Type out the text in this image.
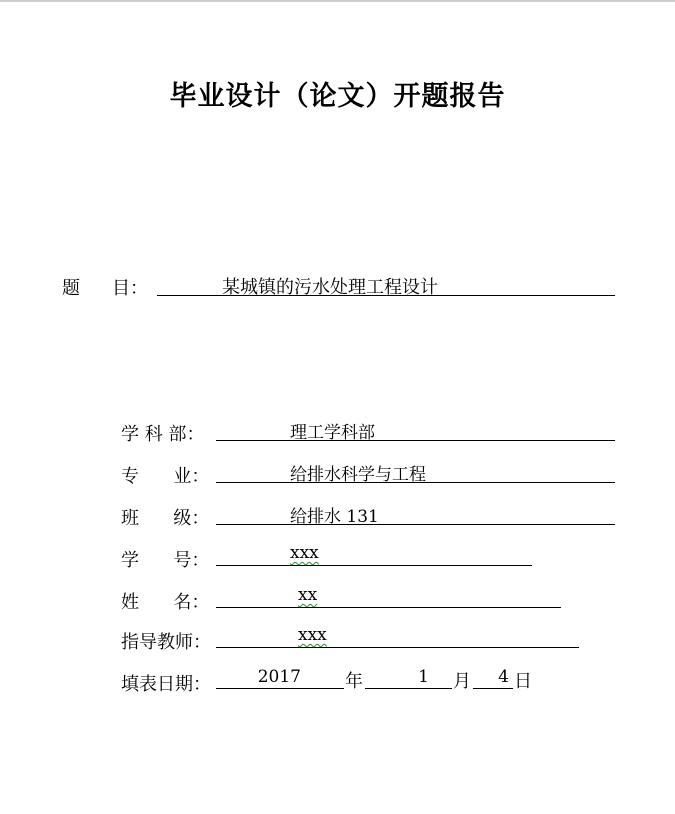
毕业设计（论文）开题报告
题 目：	某城镇的污水处理工程设计
学 科 部：	理工学科部
专      业：	给排水科学与工程
班      级：	给排水 131
学      号：	xxx
姓      名：	xx
指导教师：	xxx
填表日期：	2017	年	1	月	4 日
